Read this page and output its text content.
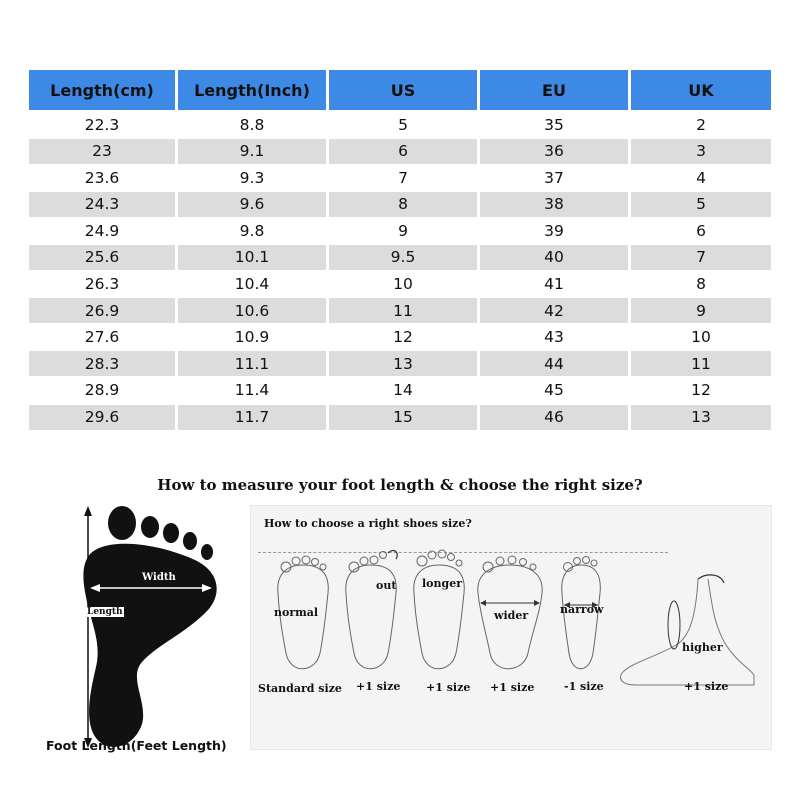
Length(cm)	Length(Inch)	US	EU	UK
22.3	8.8	5	35	2
23	9.1	6	36	3
23.6	9.3	7	37	4
24.3	9.6	8	38	5
24.9	9.8	9	39	6
25.6	10.1	9.5	40	7
26.3	10.4	10	41	8
26.9	10.6	11	42	9
27.6	10.9	12	43	10
28.3	11.1	13	44	11
28.9	11.4	14	45	12
29.6	11.7	15	46	13
How to measure your foot length & choose the right size?
Width
Length
Foot Length(Feet Length)
How to choose a right shoes size?
normal
out longer
wider	narrow
higher
Standard size +1 size +1 size +1 size	-1 size	+1 size
